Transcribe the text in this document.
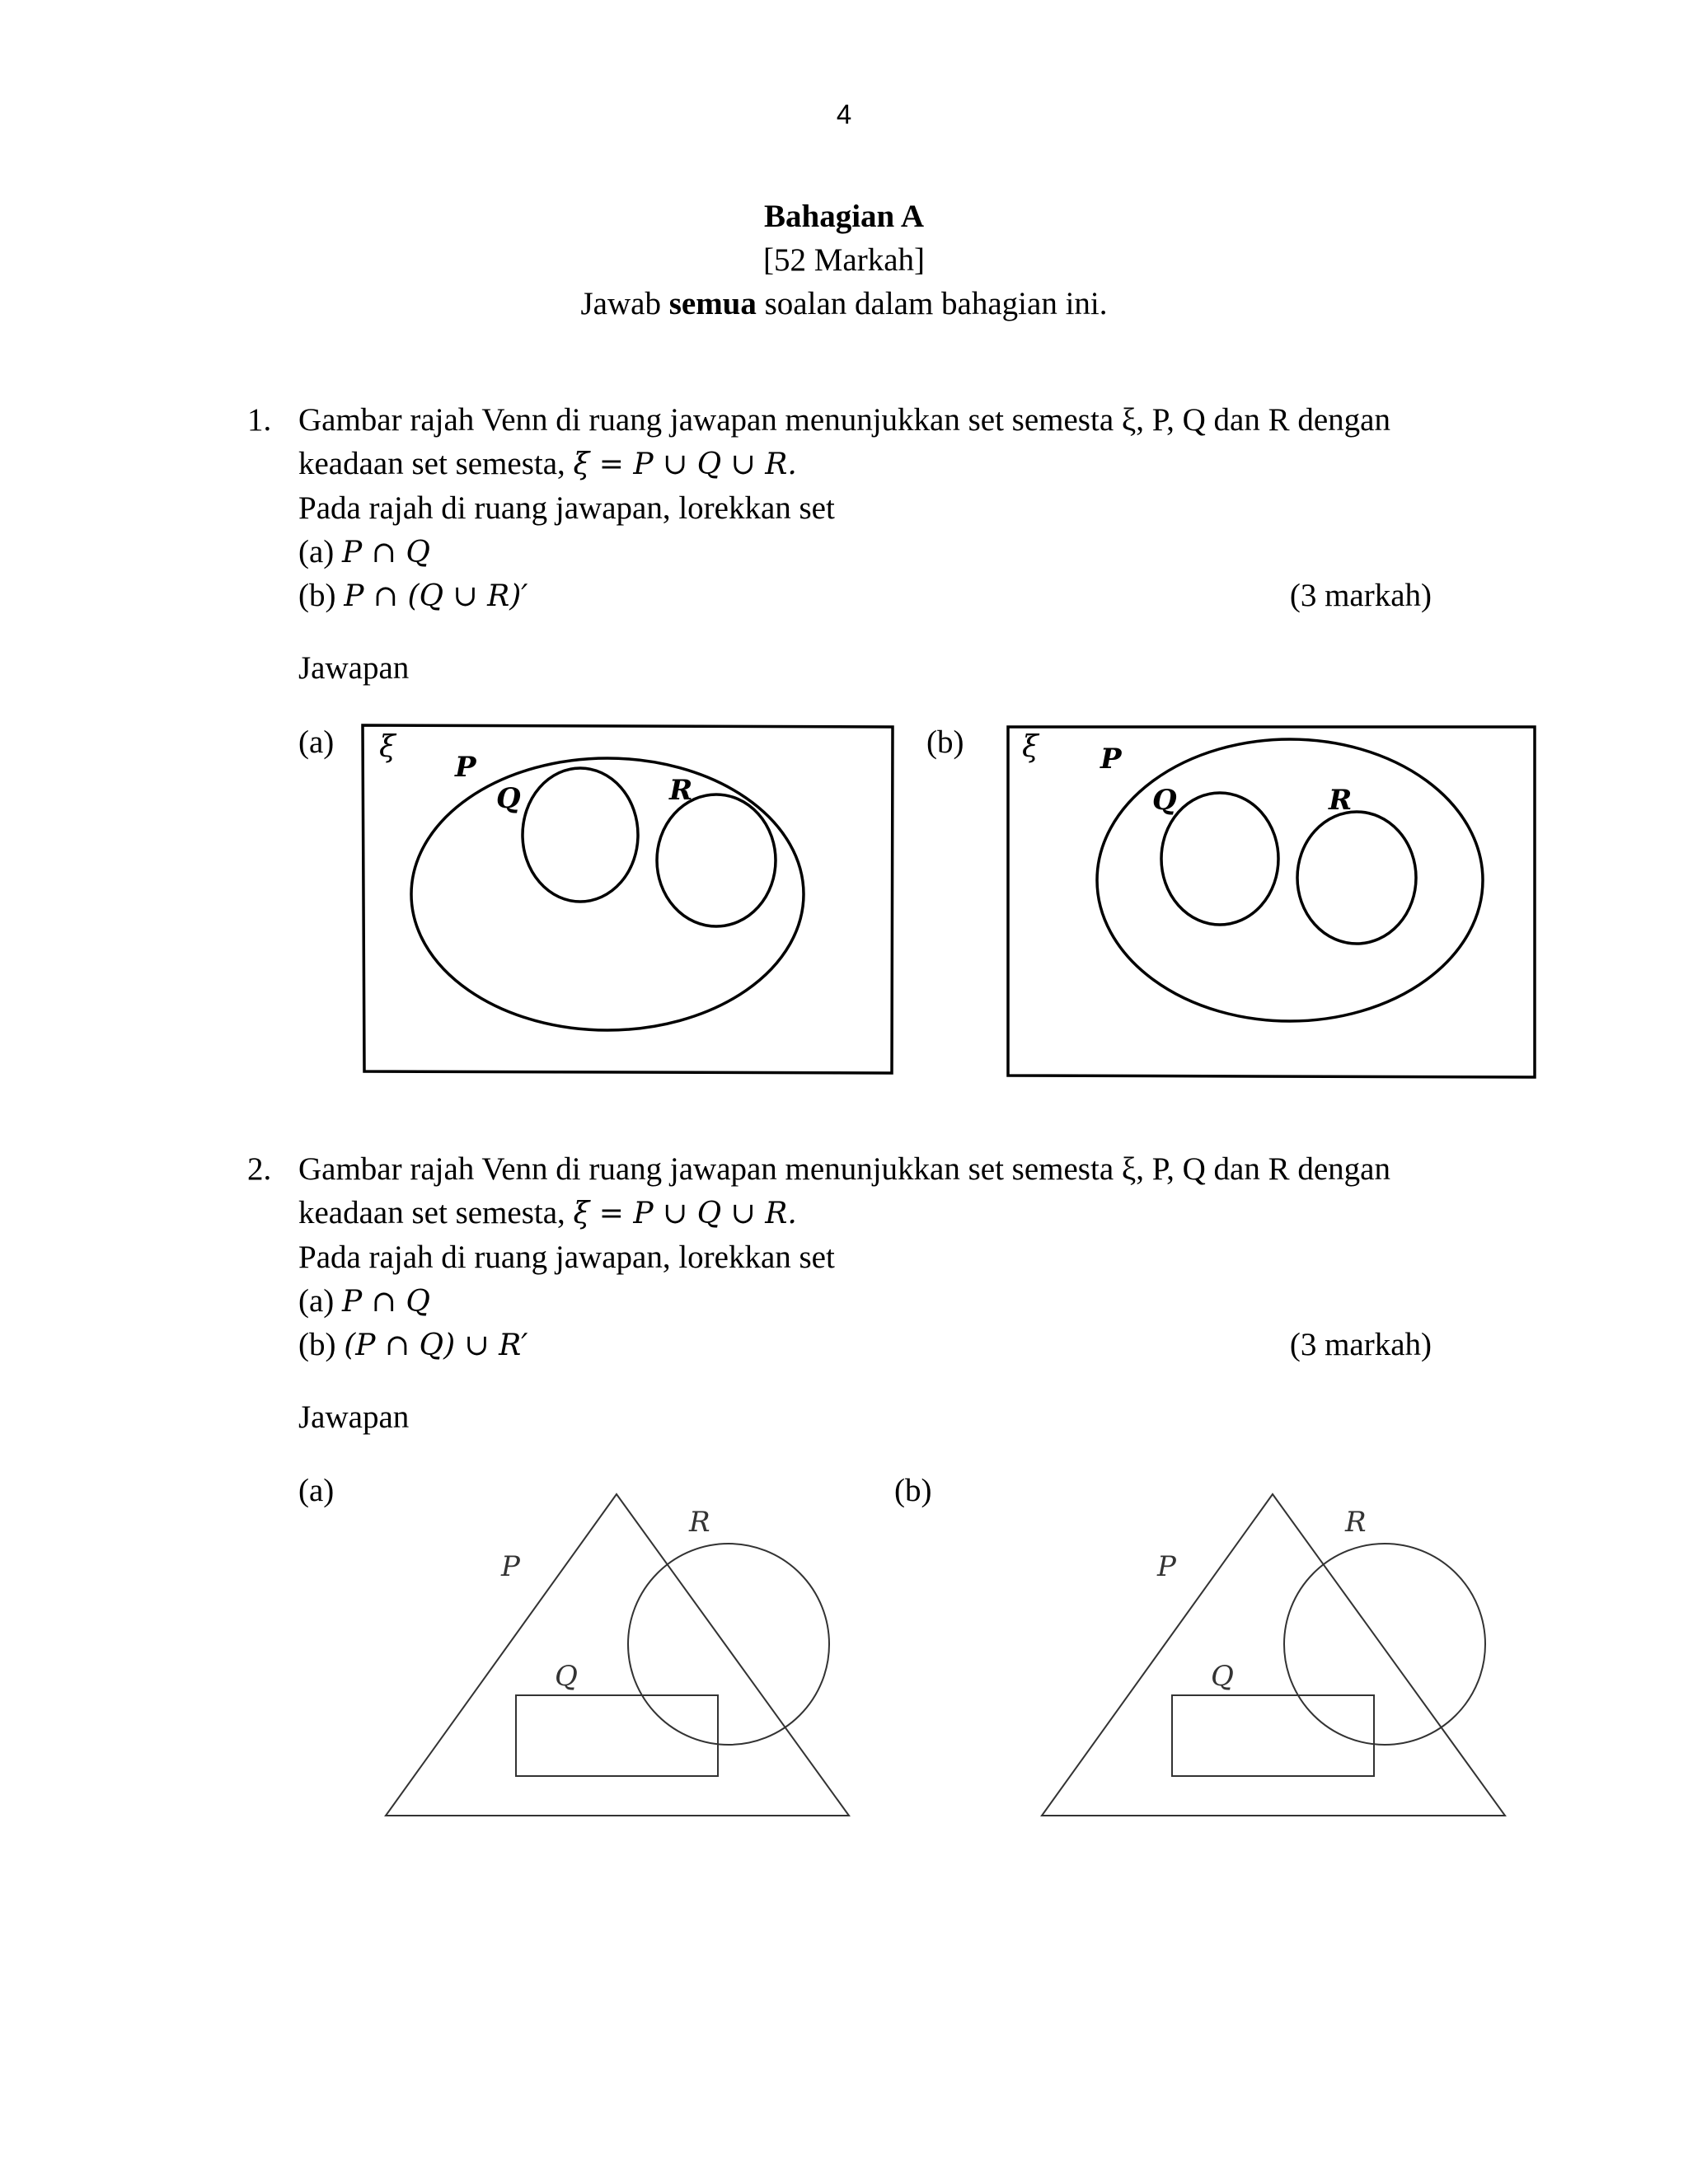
4
Bahagian A
[52 Markah]
Jawab semua soalan dalam bahagian ini.
1. Gambar rajah Venn di ruang jawapan menunjukkan set semesta ξ, P, Q dan R dengan
keadaan set semesta, ξ = P ∪ Q ∪ R.
Pada rajah di ruang jawapan, lorekkan set
(a) P ∩ Q
(b) P ∩ (Q ∪ R)′	(3 markah)
Jawapan
(a)	(b)
ξ
P
Q	R
ξ P
Q	R
2. Gambar rajah Venn di ruang jawapan menunjukkan set semesta ξ, P, Q dan R dengan
keadaan set semesta, ξ = P ∪ Q ∪ R.
Pada rajah di ruang jawapan, lorekkan set
(a) P ∩ Q
(b) (P ∩ Q) ∪ R′	(3 markah)
Jawapan
(a)	(b)
P
Q
R
P
Q
R
